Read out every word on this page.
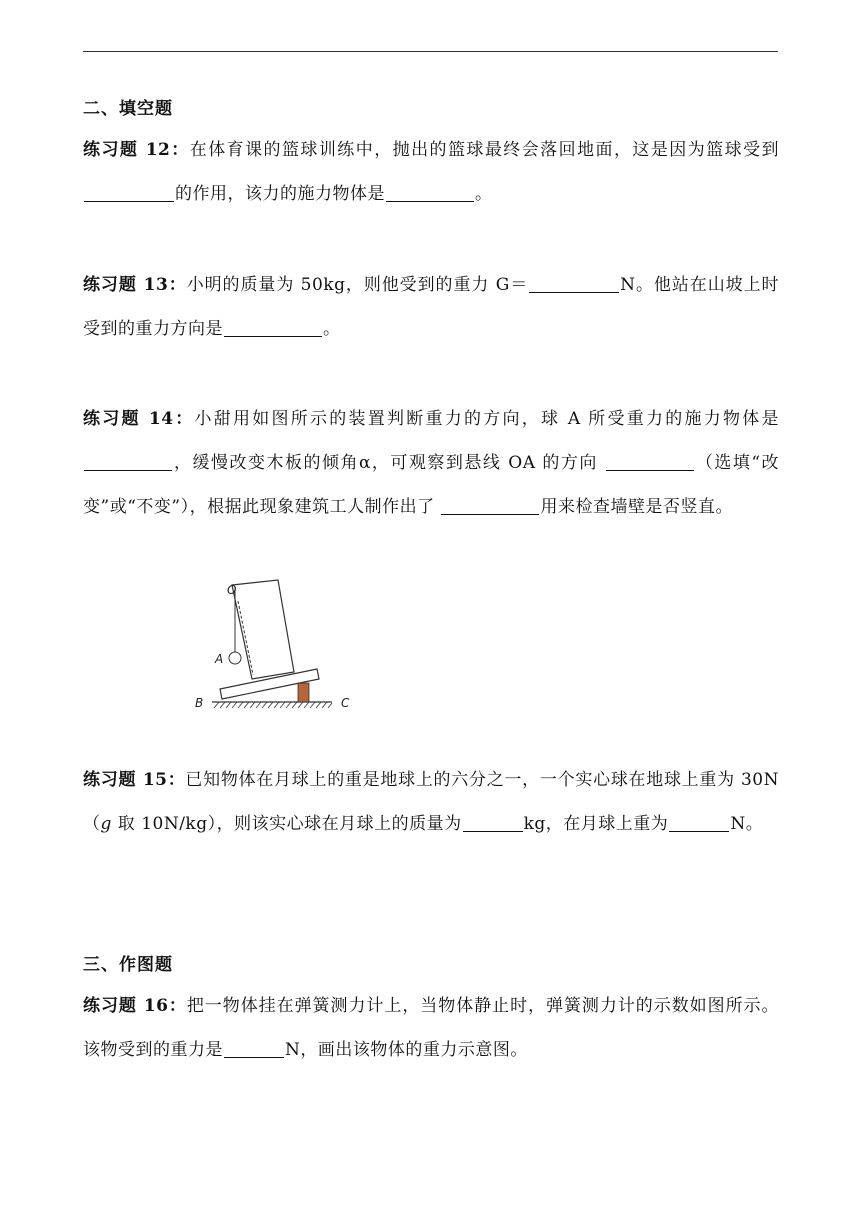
二、填空题
练习题 12：在体育课的篮球训练中，抛出的篮球最终会落回地面，这是因为篮球受到的作用，该力的施力物体是	。
练习题 13：小明的质量为 50kg，则他受到的重力 G＝	N。他站在山坡上时受到的重力方向是	。
练习题 14：小甜用如图所示的装置判断重力的方向，球 A 所受重力的施力物体是 ，缓慢改变木板的倾角α，可观察到悬线 OA 的方向	（选填“改变”或“不变”），根据此现象建筑工人制作出了	用来检查墙壁是否竖直。
O
A
B	C
练习题 15：已知物体在月球上的重是地球上的六分之一，一个实心球在地球上重为 30N（g 取 10N/kg），则该实心球在月球上的质量为	kg，在月球上重为	N。
三、作图题
练习题 16：把一物体挂在弹簧测力计上，当物体静止时，弹簧测力计的示数如图所示。该物受到的重力是	N，画出该物体的重力示意图。
